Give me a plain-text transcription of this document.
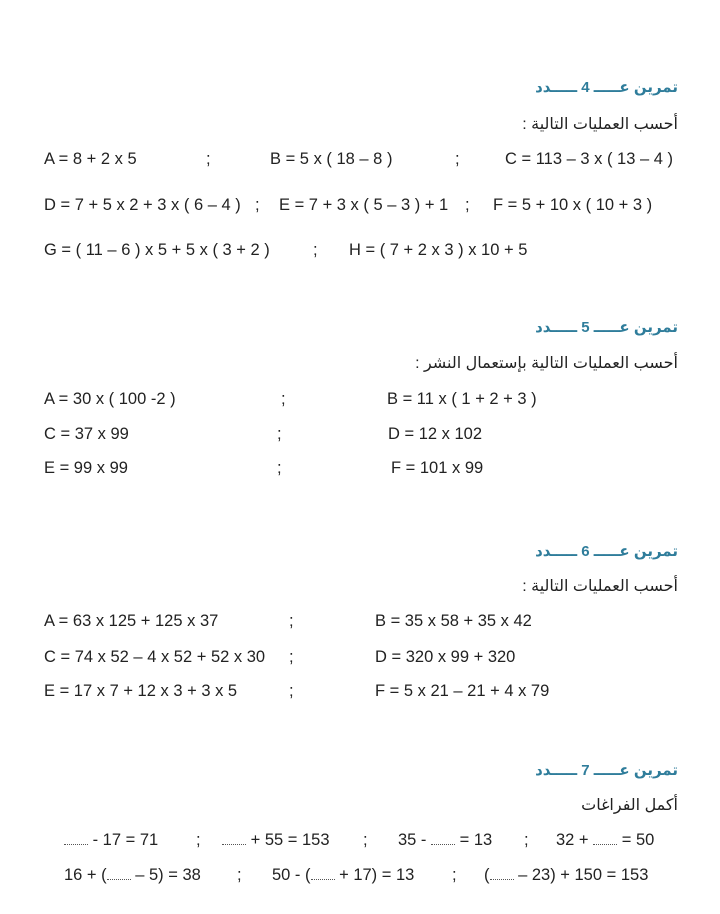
تمرين عـــــ 4 ـــــدد
أحسب العمليات التالية :
A = 8 + 2 x 5	;	B = 5 x ( 18 – 8 )	;	C = 113 – 3 x ( 13 – 4 )
D = 7 + 5 x 2 + 3 x ( 6 – 4 ) ; E = 7 + 3 x ( 5 – 3 ) + 1 ; F = 5 + 10 x ( 10 + 3 )
G = ( 11 – 6 ) x 5 + 5 x ( 3 + 2 )	; H = ( 7 + 2 x 3 ) x 10 + 5
تمرين عـــــ 5 ـــــدد
أحسب العمليات التالية بإستعمال النشر :
A = 30 x ( 100 -2 )	;	B = 11 x ( 1 + 2 + 3 )
C = 37 x 99	;	D = 12 x 102
E = 99 x 99	;	F = 101 x 99
تمرين عـــــ 6 ـــــدد
أحسب العمليات التالية :
A = 63 x 125 + 125 x 37	;	B = 35 x 58 + 35 x 42
C = 74 x 52 – 4 x 52 + 52 x 30 ;	D = 320 x 99 + 320
E = 17 x 7 + 12 x 3 + 3 x 5	;	F = 5 x 21 – 21 + 4 x 79
تمرين عـــــ 7 ـــــدد
أكمل الفراغات
- 17 = 71 ;	+ 55 = 153 ; 35 - = 13 ; 32 + = 50
16 + ( – 5) = 38 ; 50 - ( + 17) = 13 ; ( – 23) + 150 = 153
